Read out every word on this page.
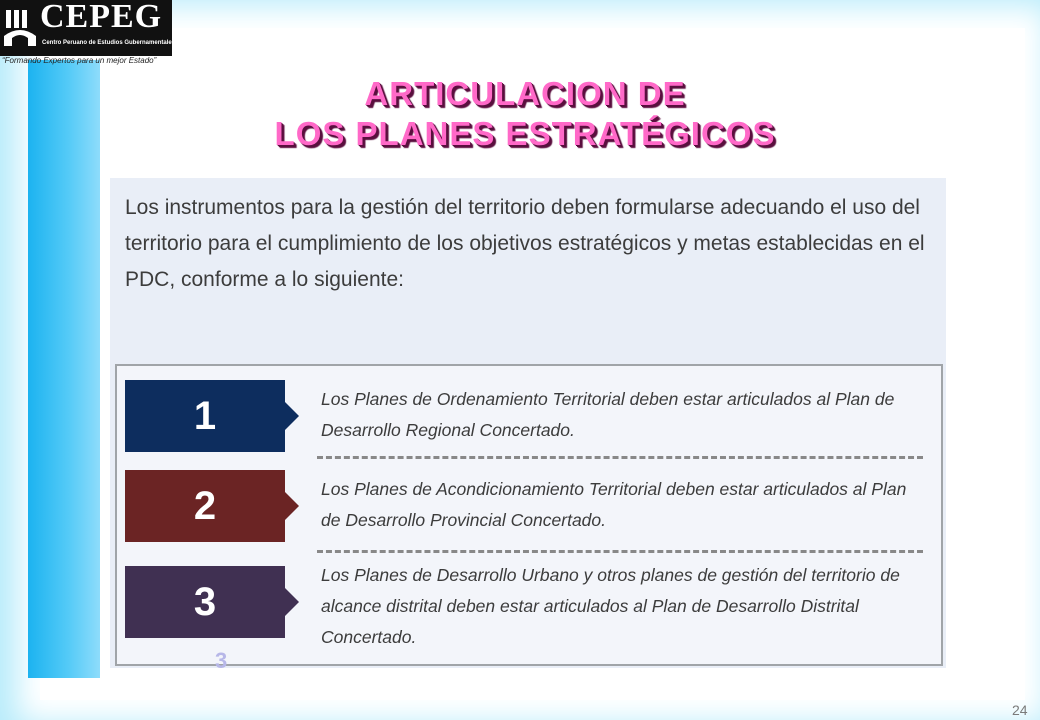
CEPEG
Centro Peruano de Estudios Gubernamentales
“Formando Expertos para un mejor Estado”
ARTICULACION DE
LOS PLANES ESTRATÉGICOS
Los instrumentos para la gestión del territorio deben formularse adecuando el uso del territorio para el cumplimiento de los objetivos estratégicos y metas establecidas en el PDC, conforme a lo siguiente:
3
1	Los Planes de Ordenamiento Territorial deben estar articulados al Plan de Desarrollo Regional Concertado.
2	Los Planes de Acondicionamiento Territorial deben estar articulados al Plan de Desarrollo Provincial Concertado.
3
Los Planes de Desarrollo Urbano y otros planes de gestión del territorio de alcance distrital deben estar articulados al Plan de Desarrollo Distrital Concertado.
24
